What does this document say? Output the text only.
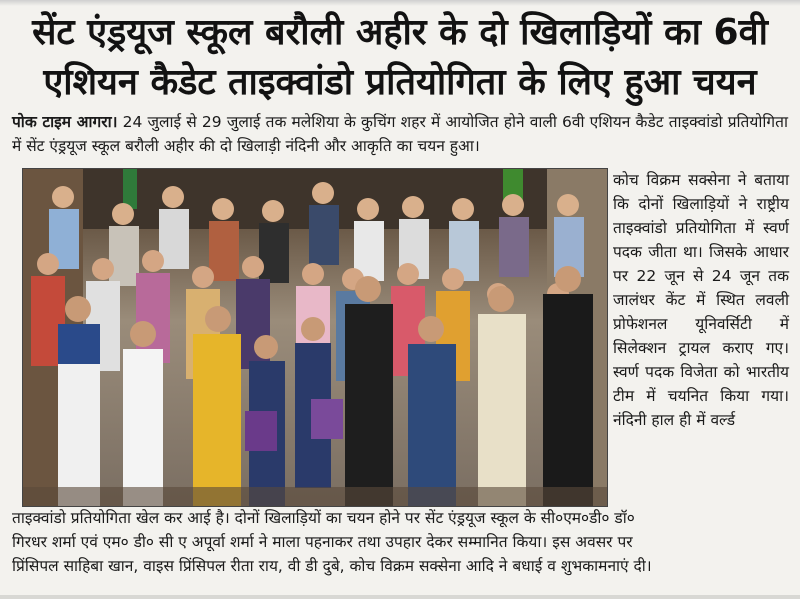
सेंट एंड्रयूज स्कूल बरौली अहीर के दो खिलाड़ियों का 6वी
एशियन कैडेट ताइक्वांडो प्रतियोगिता के लिए हुआ चयन
पोक टाइम आगरा। 24 जुलाई से 29 जुलाई तक मलेशिया के कुचिंग शहर में आयोजित होने वाली 6वी एशियन कैडेट ताइक्वांडो प्रतियोगिता में सेंट एंड्रयूज स्कूल बरौली अहीर की दो खिलाड़ी नंदिनी और आकृति का चयन हुआ।
कोच विक्रम सक्सेना ने बताया कि दोनों खिलाड़ियों ने राष्ट्रीय ताइक्वांडो प्रतियोगिता में स्वर्ण पदक जीता था। जिसके आधार पर 22 जून से 24 जून तक जालंधर केंट में स्थित लवली प्रोफेशनल यूनिवर्सिटी में सिलेक्शन ट्रायल कराए गए। स्वर्ण पदक विजेता को भारतीय टीम में चयनित किया गया। नंदिनी हाल ही में वर्ल्ड
ताइक्वांडो प्रतियोगिता खेल कर आई है। दोनों खिलाड़ियों का चयन होने पर सेंट एंड्रयूज स्कूल के सी०एम०डी० डॉ०
गिरधर शर्मा एवं एम० डी० सी ए अपूर्वा शर्मा ने माला पहनाकर तथा उपहार देकर सम्मानित किया। इस अवसर पर
प्रिंसिपल साहिबा खान, वाइस प्रिंसिपल रीता राय, वी डी दुबे, कोच विक्रम सक्सेना आदि ने बधाई व शुभकामनाएं दी।
